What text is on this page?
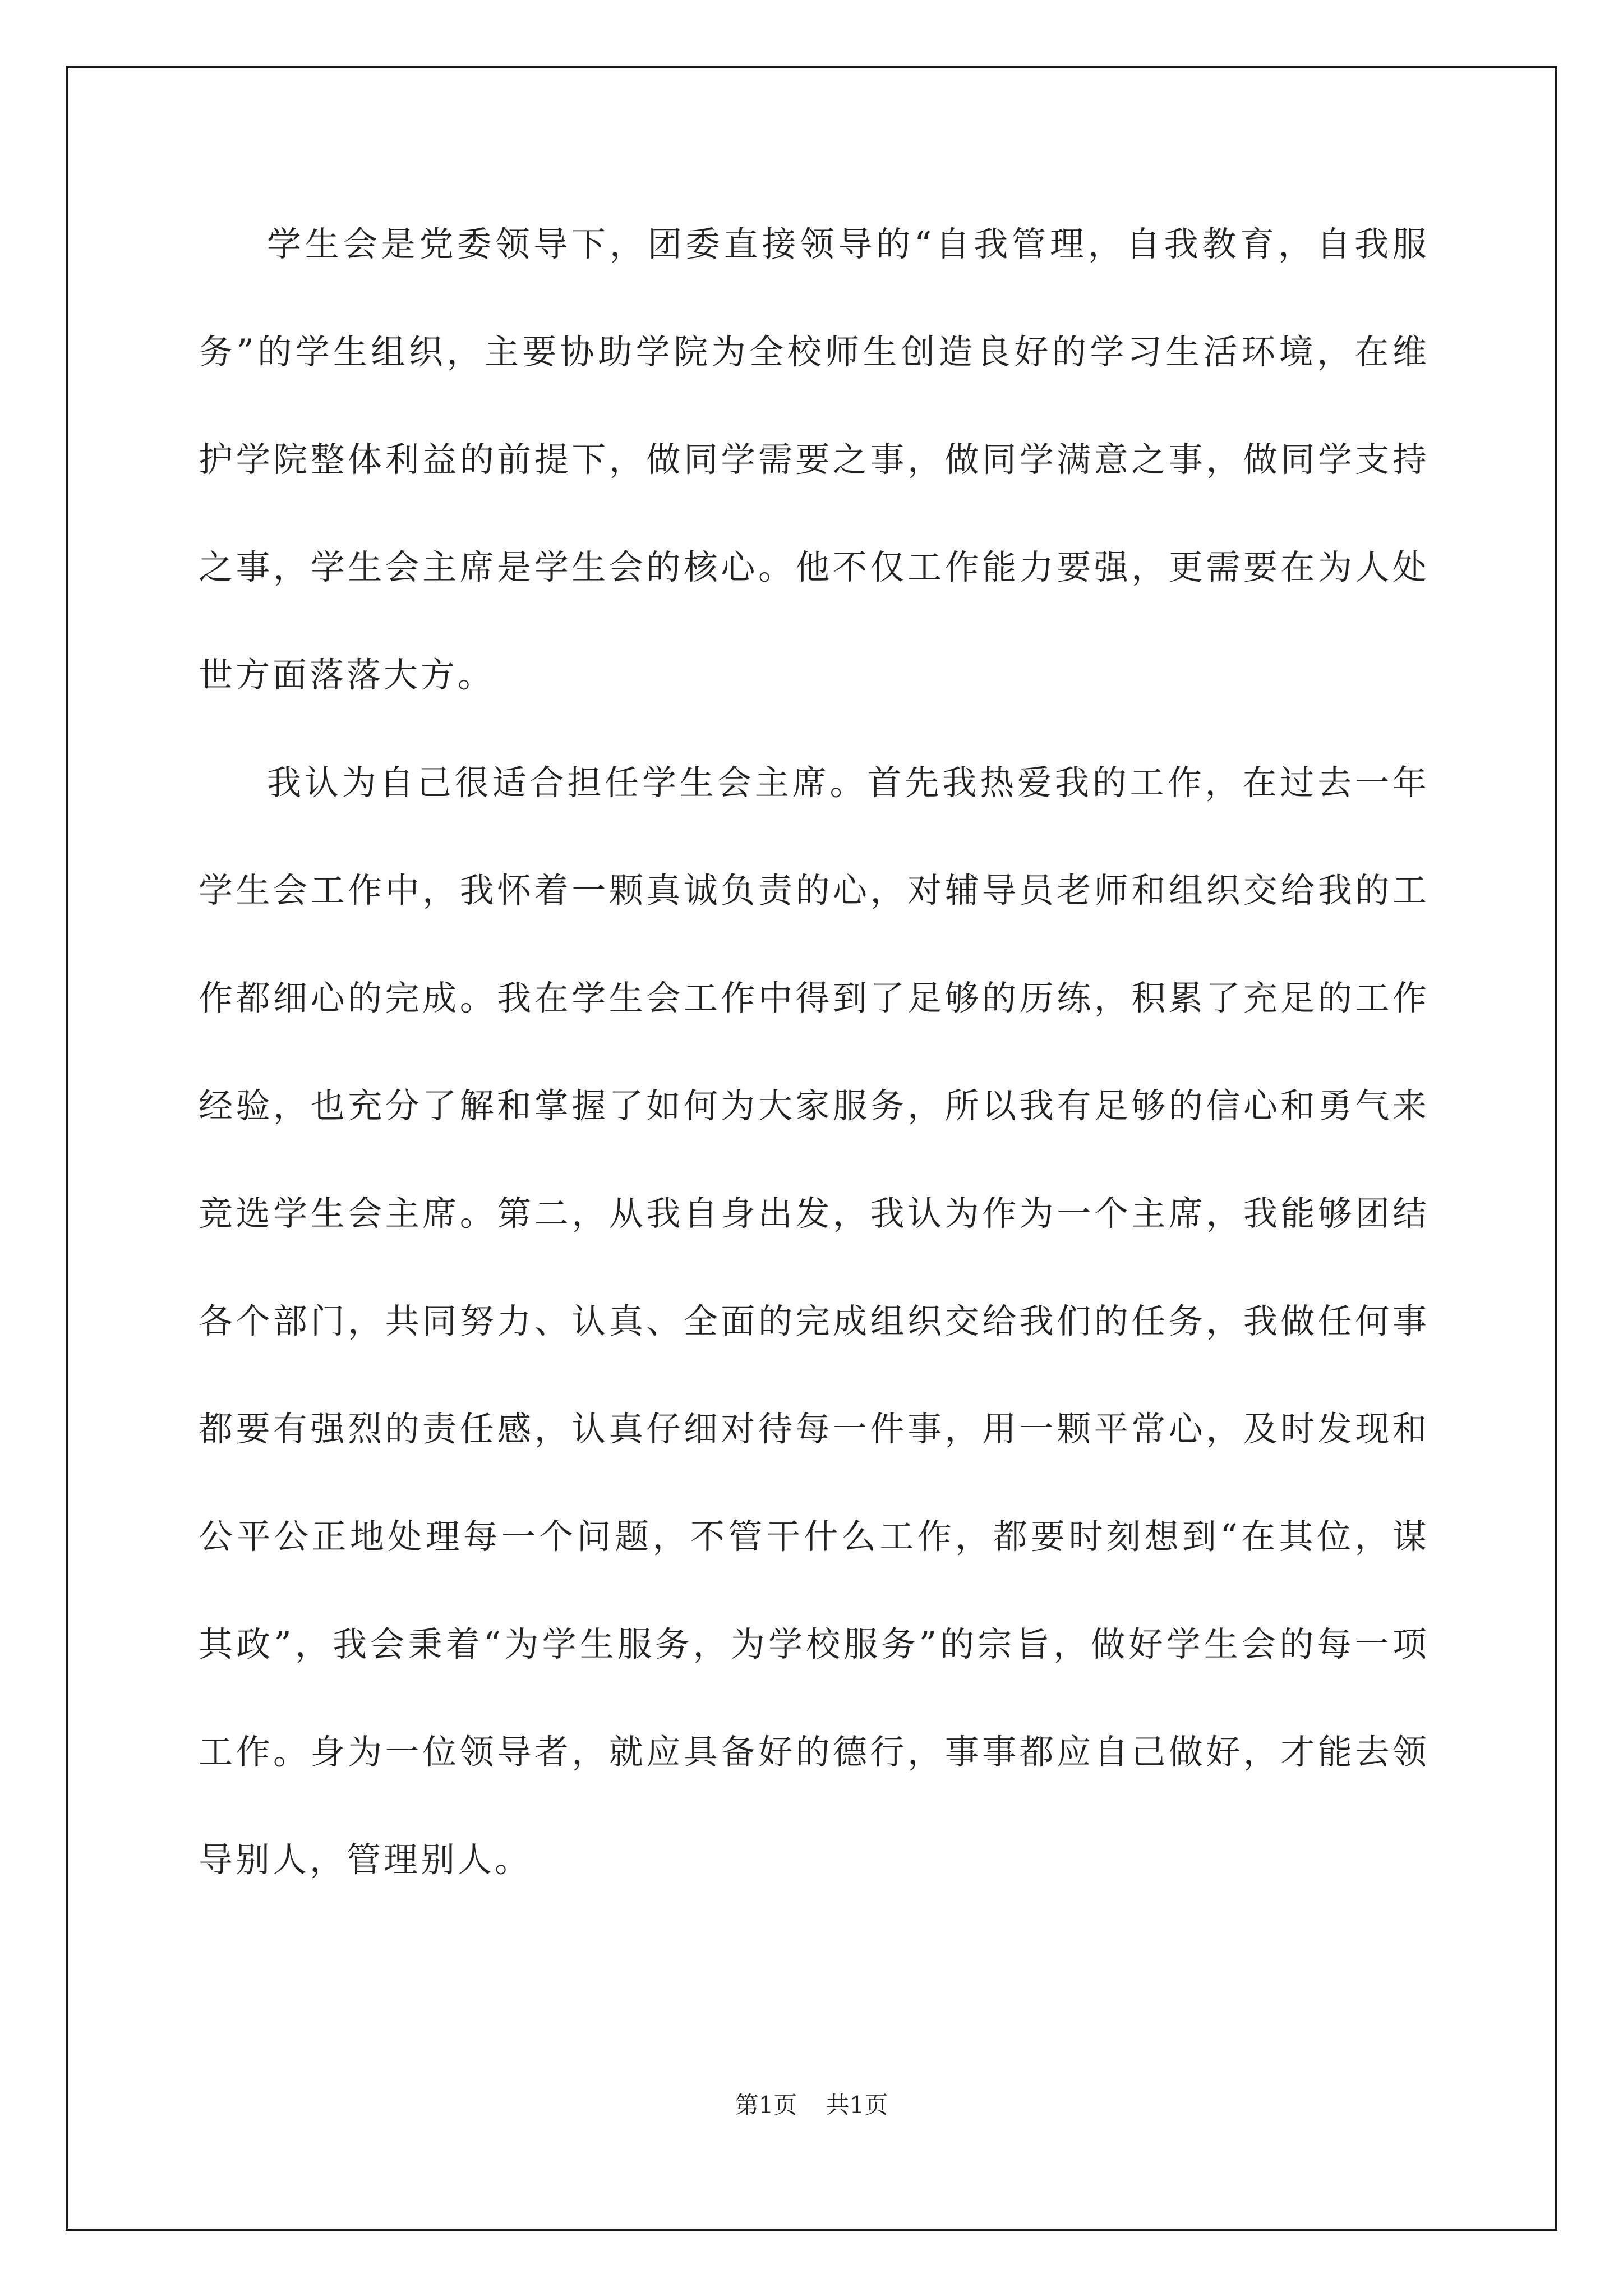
学生会是党委领导下，团委直接领导的“自我管理，自我教育，自我服务”的学生组织，主要协助学院为全校师生创造良好的学习生活环境，在维护学院整体利益的前提下，做同学需要之事，做同学满意之事，做同学支持之事，学生会主席是学生会的核心。他不仅工作能力要强，更需要在为人处世方面落落大方。

我认为自己很适合担任学生会主席。首先我热爱我的工作，在过去一年学生会工作中，我怀着一颗真诚负责的心，对辅导员老师和组织交给我的工作都细心的完成。我在学生会工作中得到了足够的历练，积累了充足的工作经验，也充分了解和掌握了如何为大家服务，所以我有足够的信心和勇气来竞选学生会主席。第二，从我自身出发，我认为作为一个主席，我能够团结各个部门，共同努力、认真、全面的完成组织交给我们的任务，我做任何事都要有强烈的责任感，认真仔细对待每一件事，用一颗平常心，及时发现和公平公正地处理每一个问题，不管干什么工作，都要时刻想到“在其位，谋其政”，我会秉着“为学生服务，为学校服务”的宗旨，做好学生会的每一项工作。身为一位领导者，就应具备好的德行，事事都应自己做好，才能去领导别人，管理别人。

第1页 共1页
